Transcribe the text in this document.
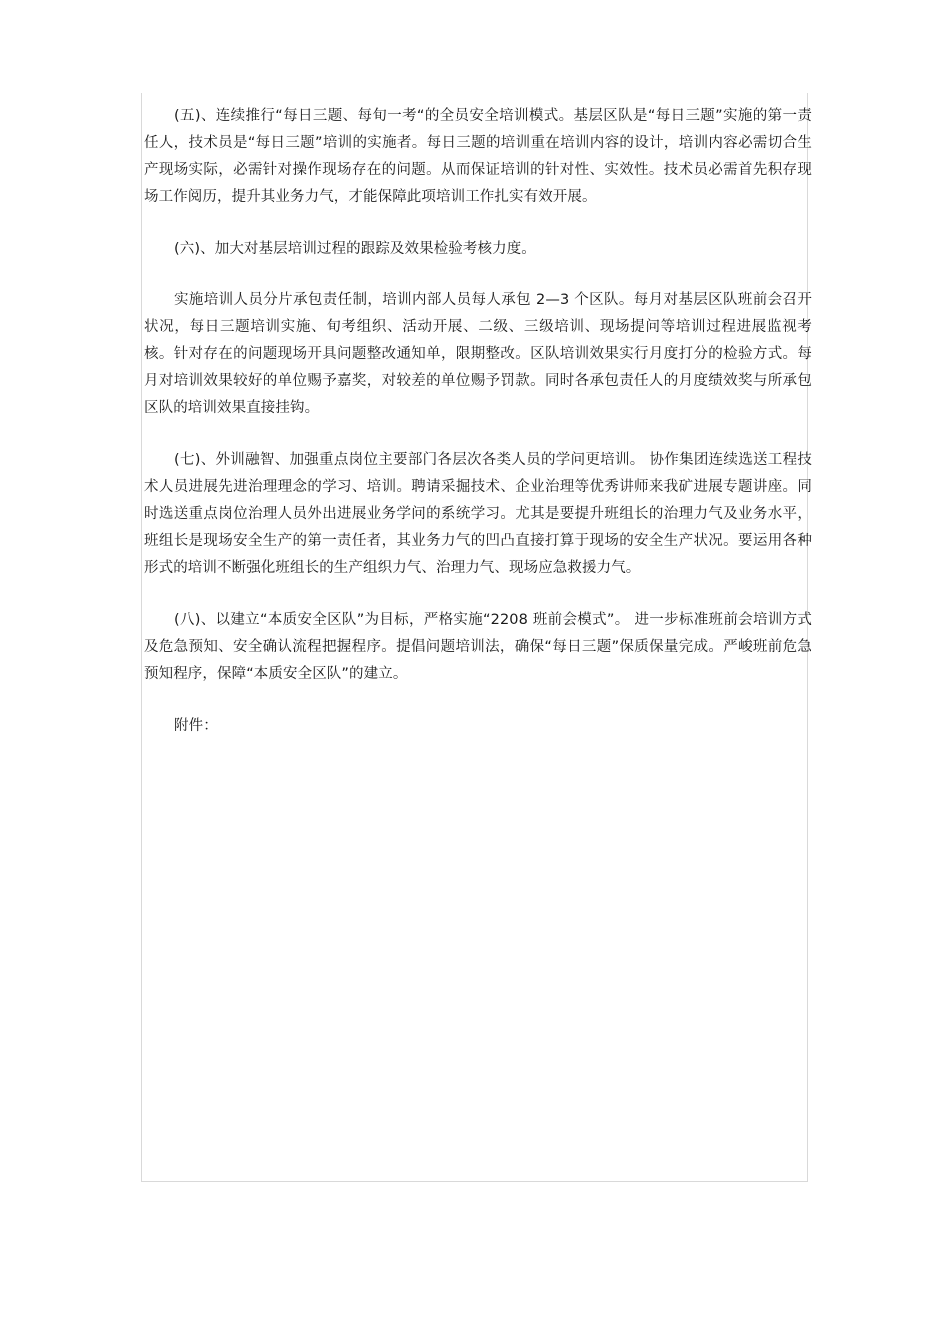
(五)、连续推行“每日三题、每旬一考“的全员安全培训模式。基层区队是“每日三题”实施的第一责任人，技术员是“每日三题”培训的实施者。每日三题的培训重在培训内容的设计，培训内容必需切合生产现场实际，必需针对操作现场存在的问题。从而保证培训的针对性、实效性。技术员必需首先积存现场工作阅历，提升其业务力气，才能保障此项培训工作扎实有效开展。

(六)、加大对基层培训过程的跟踪及效果检验考核力度。

实施培训人员分片承包责任制，培训内部人员每人承包 2—3 个区队。每月对基层区队班前会召开状况，每日三题培训实施、旬考组织、活动开展、二级、三级培训、现场提问等培训过程进展监视考核。针对存在的问题现场开具问题整改通知单，限期整改。区队培训效果实行月度打分的检验方式。每月对培训效果较好的单位赐予嘉奖，对较差的单位赐予罚款。同时各承包责任人的月度绩效奖与所承包区队的培训效果直接挂钩。

(七)、外训融智、加强重点岗位主要部门各层次各类人员的学问更培训。 协作集团连续选送工程技术人员进展先进治理理念的学习、培训。聘请采掘技术、企业治理等优秀讲师来我矿进展专题讲座。同时选送重点岗位治理人员外出进展业务学问的系统学习。尤其是要提升班组长的治理力气及业务水平，班组长是现场安全生产的第一责任者，其业务力气的凹凸直接打算于现场的安全生产状况。要运用各种形式的培训不断强化班组长的生产组织力气、治理力气、现场应急救援力气。

(八)、以建立“本质安全区队”为目标，严格实施“2208 班前会模式”。 进一步标准班前会培训方式及危急预知、安全确认流程把握程序。提倡问题培训法，确保“每日三题”保质保量完成。严峻班前危急预知程序，保障“本质安全区队”的建立。

附件：
